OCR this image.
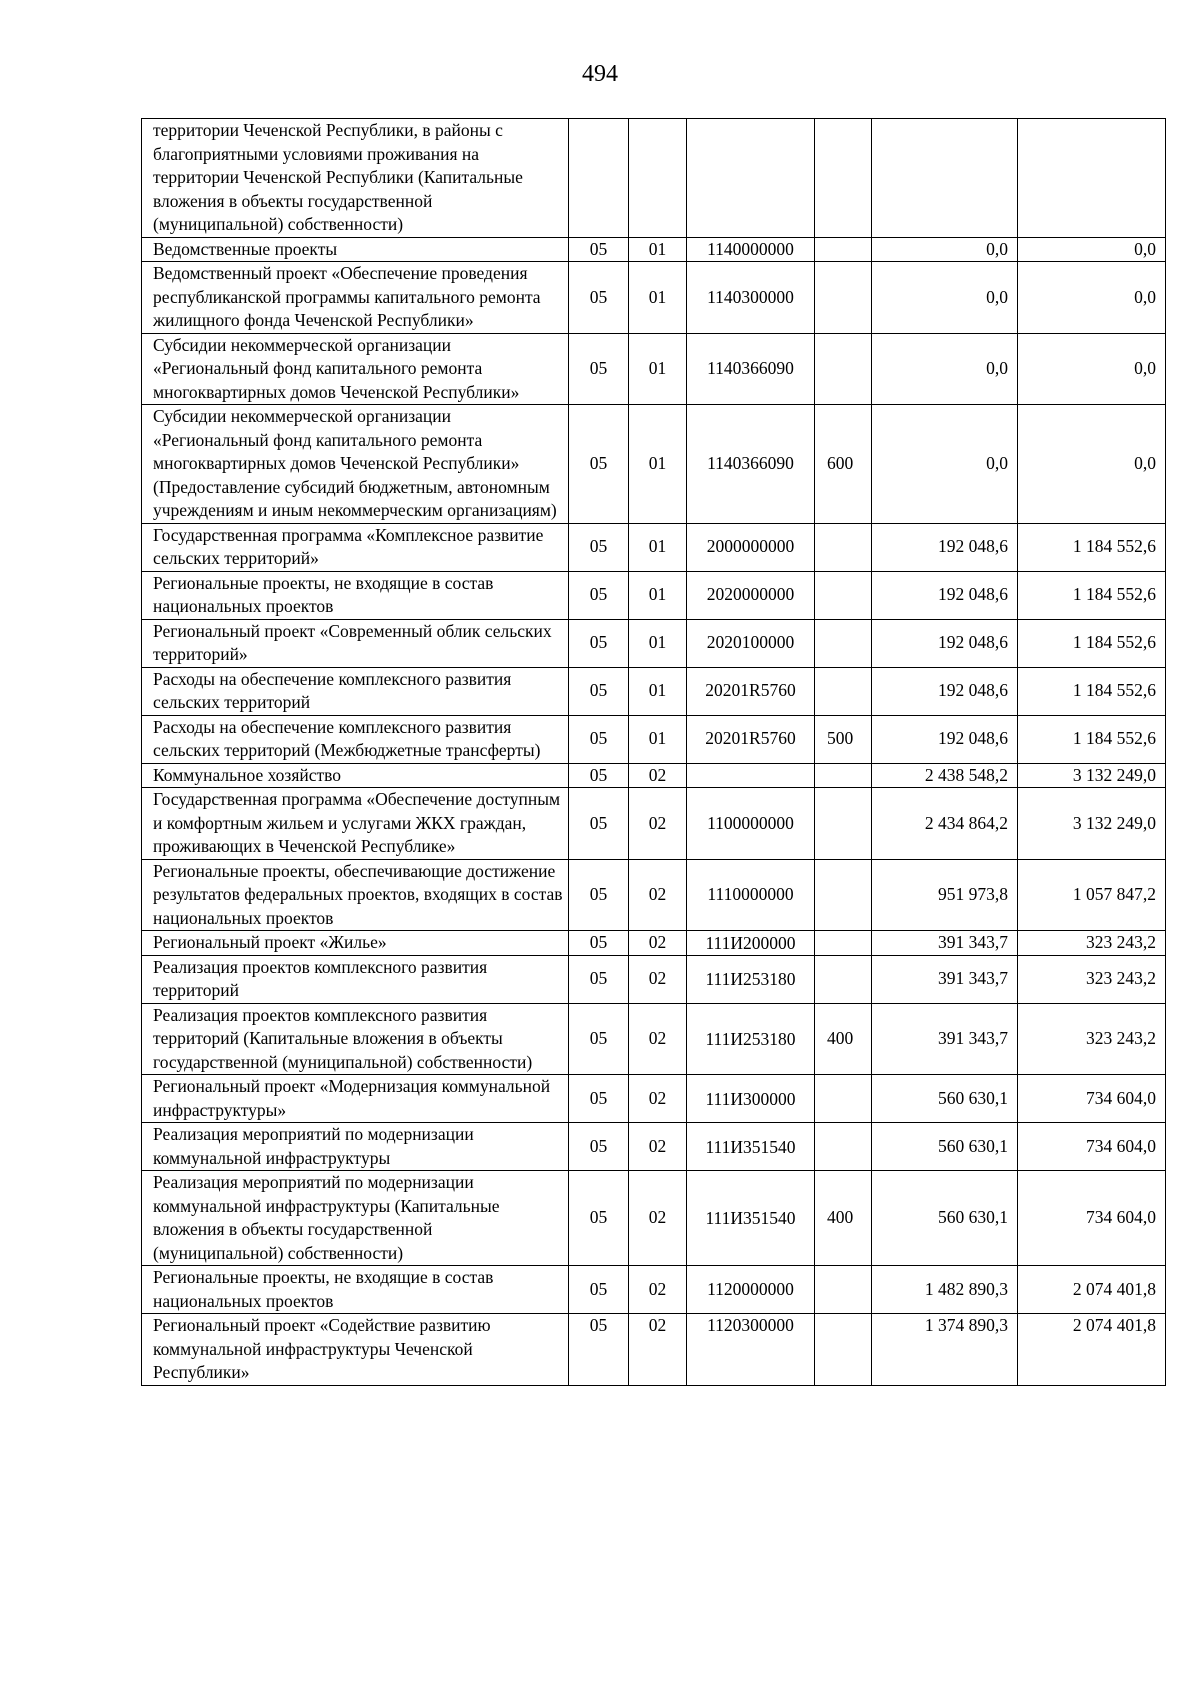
494
территории Чеченской Республики, в районы с благоприятными условиями проживания на территории Чеченской Республики (Капитальные вложения в объекты государственной (муниципальной) собственности)						
Ведомственные проекты	05	01	1140000000		0,0	0,0
Ведомственный проект «Обеспечение проведения республиканской программы капитального ремонта жилищного фонда Чеченской Республики»	05	01	1140300000		0,0	0,0
Субсидии некоммерческой организации «Региональный фонд капитального ремонта многоквартирных домов Чеченской Республики»	05	01	1140366090		0,0	0,0
Субсидии некоммерческой организации «Региональный фонд капитального ремонта многоквартирных домов Чеченской Республики» (Предоставление субсидий бюджетным, автономным учреждениям и иным некоммерческим организациям)	05	01	1140366090	600	0,0	0,0
Государственная программа «Комплексное развитие сельских территорий»	05	01	2000000000		192 048,6	1 184 552,6
Региональные проекты, не входящие в состав национальных проектов	05	01	2020000000		192 048,6	1 184 552,6
Региональный проект «Современный облик сельских территорий»	05	01	2020100000		192 048,6	1 184 552,6
Расходы на обеспечение комплексного развития сельских территорий	05	01	20201R5760		192 048,6	1 184 552,6
Расходы на обеспечение комплексного развития сельских территорий (Межбюджетные трансферты)	05	01	20201R5760	500	192 048,6	1 184 552,6
Коммунальное хозяйство	05	02			2 438 548,2	3 132 249,0
Государственная программа «Обеспечение доступным и комфортным жильем и услугами ЖКХ граждан, проживающих в Чеченской Республике»	05	02	1100000000		2 434 864,2	3 132 249,0
Региональные проекты, обеспечивающие достижение результатов федеральных проектов, входящих в состав национальных проектов	05	02	1110000000		951 973,8	1 057 847,2
Региональный проект «Жилье»	05	02	111И200000		391 343,7	323 243,2
Реализация проектов комплексного развития территорий	05	02	111И253180		391 343,7	323 243,2
Реализация проектов комплексного развития территорий (Капитальные вложения в объекты государственной (муниципальной) собственности)	05	02	111И253180	400	391 343,7	323 243,2
Региональный проект «Модернизация коммунальной инфраструктуры»	05	02	111И300000		560 630,1	734 604,0
Реализация мероприятий по модернизации коммунальной инфраструктуры	05	02	111И351540		560 630,1	734 604,0
Реализация мероприятий по модернизации коммунальной инфраструктуры (Капитальные вложения в объекты государственной (муниципальной) собственности)	05	02	111И351540	400	560 630,1	734 604,0
Региональные проекты, не входящие в состав национальных проектов	05	02	1120000000		1 482 890,3	2 074 401,8
Региональный проект «Содействие развитию коммунальной инфраструктуры Чеченской Республики»	05	02	1120300000		1 374 890,3	2 074 401,8
